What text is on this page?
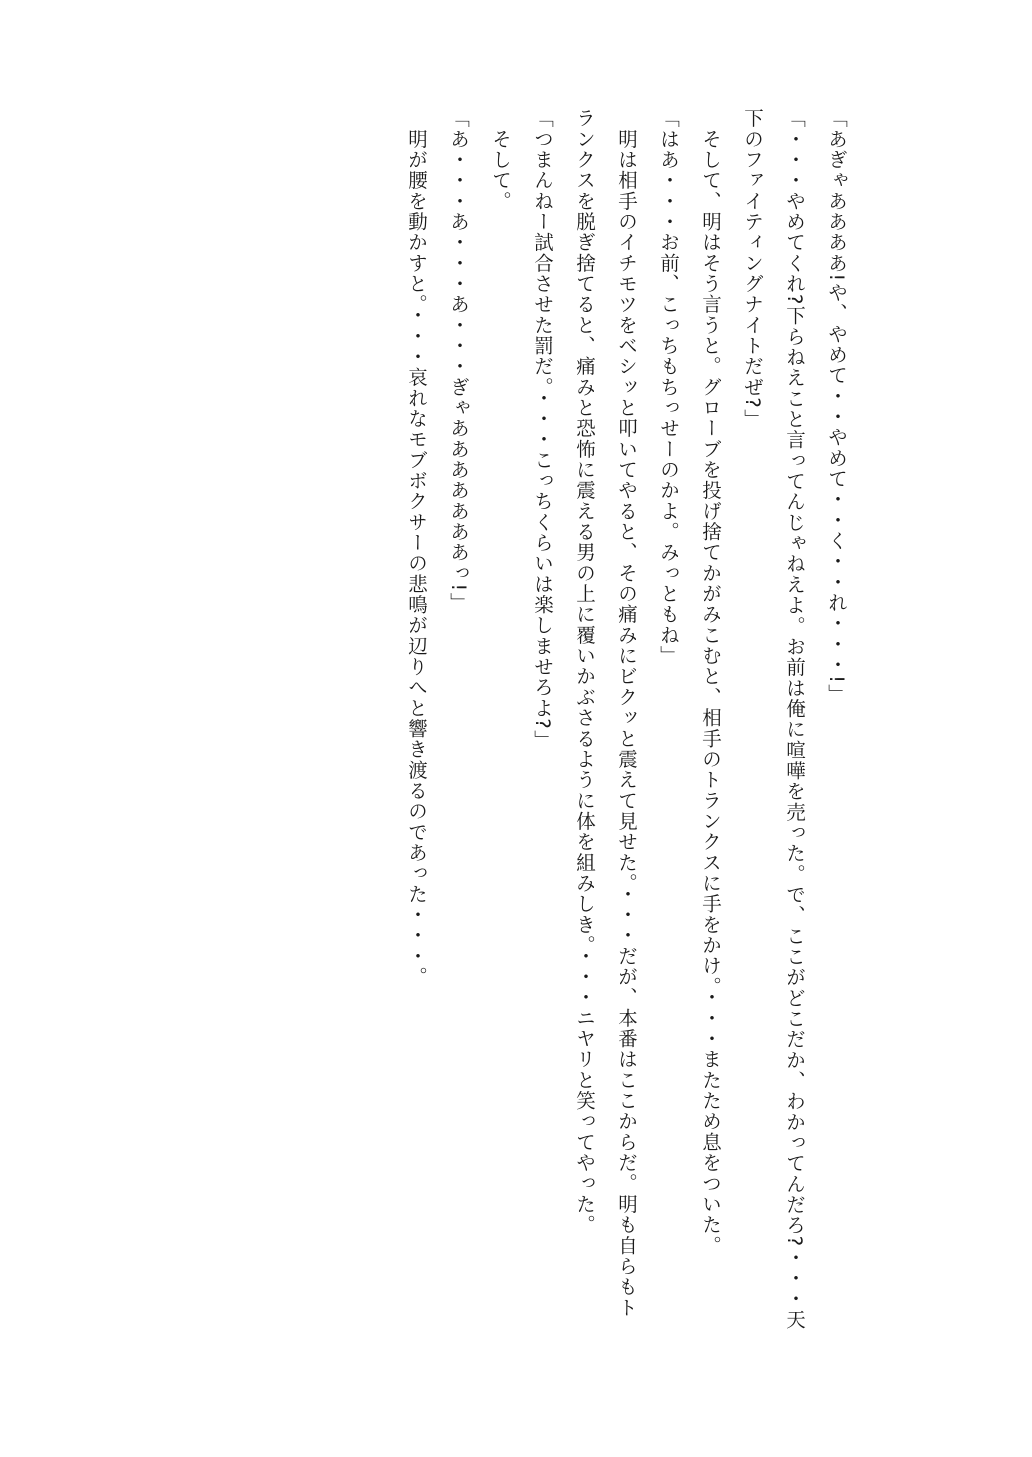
「あぎゃああああ!や、やめて・・やめて・・く・・れ・・・!」

「・・・やめてくれ?下らねえこと言ってんじゃねえよ。お前は俺に喧嘩を売った。で、ここがどこだか、わかってんだろ?・・・天下のファイティングナイトだぜ?」

　そして、明はそう言うと。グローブを投げ捨てかがみこむと、相手のトランクスに手をかけ。・・・またため息をついた。

「はあ・・・お前、こっちもちっせーのかよ。みっともね」

　明は相手のイチモツをベシッと叩いてやると、その痛みにビクッと震えて見せた。・・・だが、本番はここからだ。明も自らもトランクスを脱ぎ捨てると、痛みと恐怖に震える男の上に覆いかぶさるように体を組みしき。・・・ニヤリと笑ってやった。

「つまんねー試合させた罰だ。・・・こっちくらいは楽しませろよ?」

　そして。

「あ・・・あ・・・あ・・・ぎゃあああああああっ!」

　明が腰を動かすと。・・・哀れなモブボクサーの悲鳴が辺りへと響き渡るのであった・・・。
